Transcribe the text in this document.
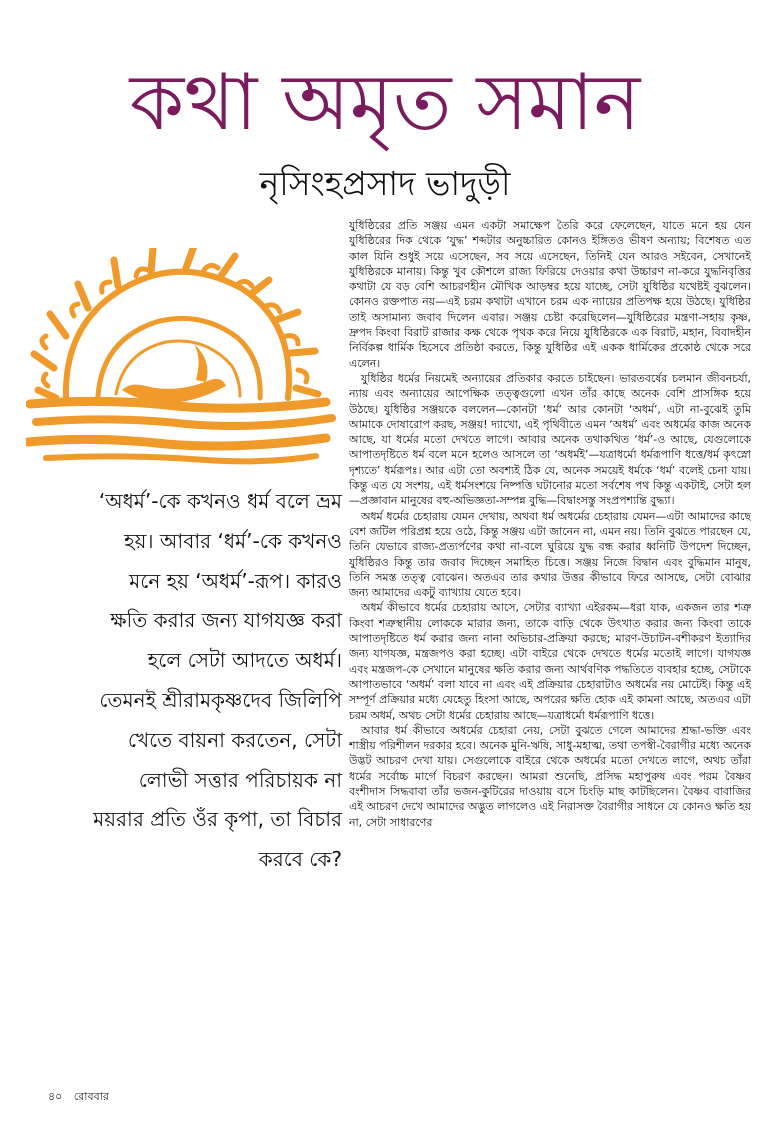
কথা অমৃত সমান
নৃসিংহপ্রসাদ ভাদুড়ী
‘অধর্ম’-কে কখনও ধর্ম বলে ভ্রম হয়। আবার ‘ধর্ম’-কে কখনও মনে হয় ‘অধর্ম’-রূপ। কারও ক্ষতি করার জন্য যাগযজ্ঞ করা হলে সেটা আদতে অধর্ম। তেমনই শ্রীরামকৃষ্ণদেব জিলিপি খেতে বায়না করতেন, সেটা লোভী সত্তার পরিচায়ক না ময়রার প্রতি ওঁর কৃপা, তা বিচার করবে কে?

যুধিষ্ঠিরের প্রতি সঞ্জয় এমন একটা সমাক্ষেপ তৈরি করে ফেলেছেন, যাতে মনে হয় যেন যুধিষ্ঠিরের দিক থেকে ‘যুদ্ধ’ শব্দটার অনুচ্চারিত কোনও ইঙ্গিতও ভীষণ অন্যায়; বিশেষত এত কাল যিনি শুধুই সয়ে এসেছেন, সব সয়ে এসেছেন, তিনিই যেন আরও সইবেন, সেখানেই যুধিষ্ঠিরকে মানায়। কিন্তু খুব কৌশলে রাজ্য ফিরিয়ে দেওয়ার কথা উচ্চারণ না-করে যুদ্ধনিবৃত্তির কথাটা যে বড় বেশি আচরণহীন মৌখিক আড়ম্বর হয়ে যাচ্ছে, সেটা যুধিষ্ঠির যথেষ্টই বুঝলেন। কোনও রক্তপাত নয়—এই চরম কথাটা এখানে চরম এক ন্যায়ের প্রতিপক্ষ হয়ে উঠছে। যুধিষ্ঠির তাই অসামান্য জবাব দিলেন এবার। সঞ্জয় চেষ্টা করেছিলেন—যুধিষ্ঠিরের মন্ত্রণা-সহায় কৃষ্ণ, দ্রুপদ কিংবা বিরাট রাজার কক্ষ থেকে পৃথক করে নিয়ে যুধিষ্ঠিরকে এক বিরাট, মহান, বিবাদহীন নির্বিকল্প ধার্মিক হিসেবে প্রতিষ্ঠা করতে, কিন্তু যুধিষ্ঠির এই একক ধার্মিকের প্রকোষ্ঠ থেকে সরে এলেন।

যুধিষ্ঠির ধর্মের নিয়মেই অন্যায়ের প্রতিকার করতে চাইছেন। ভারতবর্ষের চলমান জীবনচর্যা, ন্যায় এবং অন্যায়ের আপেক্ষিক তত্ত্বগুলো এখন তাঁর কাছে অনেক বেশি প্রাসঙ্গিক হয়ে উঠছে। যুধিষ্ঠির সঞ্জয়কে বললেন—কোনটা ‘ধর্ম’ আর কোনটা ‘অধর্ম’, এটা না-বুঝেই তুমি আমাকে দোষারোপ করছ, সঞ্জয়! দ্যাখো, এই পৃথিবীতে এমন ‘অধর্ম’ এবং অধর্মের কাজ অনেক আছে, যা ধর্মের মতো দেখতে লাগে। আবার অনেক তথাকথিত ‘ধর্ম’-ও আছে, যেগুলোকে আপাতদৃষ্টিতে ধর্ম বলে মনে হলেও আসলে তা ‘অধর্মই’—যত্রাধর্মো ধর্মরূপাণি ধত্তে/ধর্ম কৃৎস্নো দৃশ্যতে’ ধর্মরূপঃ। আর এটা তো অবশ্যই ঠিক যে, অনেক সময়েই ধর্মকে ‘ধর্ম’ বলেই চেনা যায়। কিন্তু এত যে সংশয়, এই ধর্মসংশয়ে নিষ্পত্তি ঘটানোর মতো সর্বশেষ পথ কিন্তু একটাই, সেটা হল—প্রজ্ঞাবান মানুষের বহু-অভিজ্ঞতা-সম্পন্ন বুদ্ধি—বিদ্বাংসস্তু সংপ্রপশ্যন্তি বুদ্ধ্যা।

অধর্ম ধর্মের চেহারায় যেমন দেখায়, অথবা ধর্ম অধর্মের চেহারায় যেমন—এটা আমাদের কাছে বেশ জটিল পরিপ্রশ্ন হয়ে ওঠে, কিন্তু সঞ্জয় এটা জানেন না, এমন নয়। তিনি বুঝতে পারছেন যে, তিনি যেভাবে রাজ্য-প্রত্যর্পণের কথা না-বলে ঘুরিয়ে যুদ্ধ বন্ধ করার ধ্বনিটি উপদেশ দিচ্ছেন, যুধিষ্ঠিরও কিন্তু তার জবাব দিচ্ছেন সমাহিত চিত্তে। সঞ্জয় নিজে বিদ্বান এবং বুদ্ধিমান মানুষ, তিনি সমস্ত তত্ত্ব বোঝেন। অতএব তার কথার উত্তর কীভাবে ফিরে আসছে, সেটা বোঝার জন্য আমাদের একটু ব্যাখ্যায় যেতে হবে।

অধর্ম কীভাবে ধর্মের চেহারায় আসে, সেটার ব্যাখ্যা এইরকম—ধরা যাক, একজন তার শত্রু কিংবা শত্রুস্থানীয় লোককে মারার জন্য, তাকে বাড়ি থেকে উৎখাত করার জন্য কিংবা তাকে আপাতদৃষ্টিতে ধর্ম করার জন্য নানা অভিচার-প্রক্রিয়া করছে; মারণ-উচাটন-বশীকরণ ইত্যাদির জন্য যাগযজ্ঞ, মন্ত্রজপও করা হচ্ছে। এটা বাইরে থেকে দেখতে ধর্মের মতোই লাগে। যাগযজ্ঞ এবং মন্ত্রজপ-কে সেখানে মানুষের ক্ষতি করার জন্য আর্থবণিক পদ্ধতিতে ব্যবহার হচ্ছে, সেটাকে আপাতভাবে ‘অধর্ম’ বলা যাবে না এবং এই প্রক্রিয়ার চেহারাটাও অধর্মের নয় মোটেই। কিন্তু এই সম্পূর্ণ প্রক্রিয়ার মধ্যে যেহেতু হিংসা আছে, অপরের ক্ষতি হোক এই কামনা আছে, অতএব এটা চরম অধর্ম, অথচ সেটা ধর্মের চেহারায় আছে—যত্রাধর্মো ধর্মরূপাণি ধত্তে।

আবার ধর্ম কীভাবে অধর্মের চেহারা নেয়, সেটা বুঝতে গেলে আমাদের শ্রদ্ধা-ভক্তি এবং শাস্ত্রীয় পরিশীলন দরকার হবে। অনেক মুনি-ঋষি, সাধু-মহাত্ম, তথা তপস্বী-বৈরাগীর মধ্যে অনেক উদ্ভট আচরণ দেখা যায়। সেগুলোকে বাইরে থেকে অধর্মের মতো দেখতে লাগে, অথচ তাঁরা ধর্মের সর্বোচ্চ মার্গে বিচরণ করছেন। আমরা শুনেছি, প্রসিদ্ধ মহাপুরুষ এবং পরম বৈষ্ণব বংশীদাস সিদ্ধবাবা তাঁর ভজন-কুটিরের দাওয়ায় বসে চিংড়ি মাছ কাটছিলেন। বৈষ্ণব বাবাজির এই আচরণ দেখে আমাদের অদ্ভুত লাগলেও এই নিরাসক্ত বৈরাগীর সাধনে যে কোনও ক্ষতি হয় না, সেটা সাধারণের

৪০ রোববার
